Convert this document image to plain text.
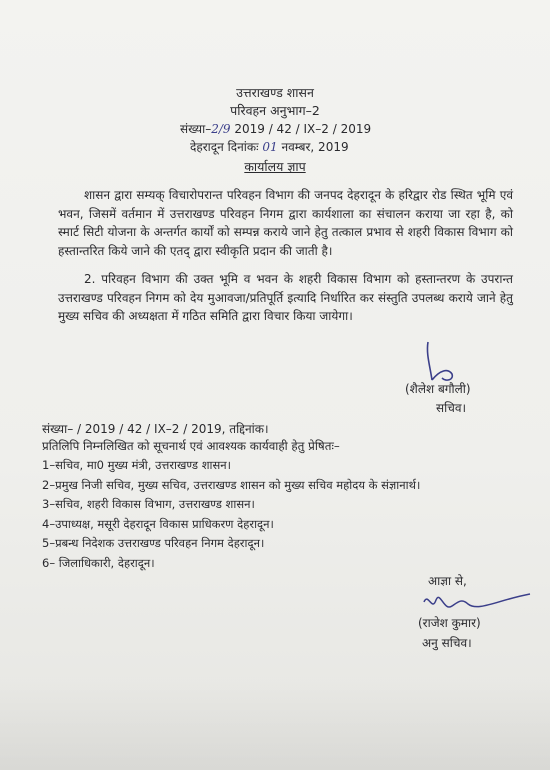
उत्तराखण्ड शासन
परिवहन अनुभाग–2
संख्या–2/9 2019 / 42 / IX–2 / 2019
देहरादून दिनांकः 01 नवम्बर, 2019
कार्यालय ज्ञाप

शासन द्वारा सम्यक् विचारोपरान्त परिवहन विभाग की जनपद देहरादून के हरिद्वार रोड स्थित भूमि एवं भवन, जिसमें वर्तमान में उत्तराखण्ड परिवहन निगम द्वारा कार्यशाला का संचालन कराया जा रहा है, को स्मार्ट सिटी योजना के अन्तर्गत कार्यों को सम्पन्न कराये जाने हेतु तत्काल प्रभाव से शहरी विकास विभाग को हस्तान्तरित किये जाने की एतद् द्वारा स्वीकृति प्रदान की जाती है।

2. परिवहन विभाग की उक्त भूमि व भवन के शहरी विकास विभाग को हस्तान्तरण के उपरान्त उत्तराखण्ड परिवहन निगम को देय मुआवजा/प्रतिपूर्ति इत्यादि निर्धारित कर संस्तुति उपलब्ध कराये जाने हेतु मुख्य सचिव की अध्यक्षता में गठित समिति द्वारा विचार किया जायेगा।

(शैलेश बगौली)
सचिव।
संख्या– / 2019 / 42 / IX–2 / 2019, तद्दिनांक।
प्रतिलिपि निम्नलिखित को सूचनार्थ एवं आवश्यक कार्यवाही हेतु प्रेषितः–
1–सचिव, मा0 मुख्य मंत्री, उत्तराखण्ड शासन।
2–प्रमुख निजी सचिव, मुख्य सचिव, उत्तराखण्ड शासन को मुख्य सचिव महोदय के संज्ञानार्थ।
3–सचिव, शहरी विकास विभाग, उत्तराखण्ड शासन।
4–उपाध्यक्ष, मसूरी देहरादून विकास प्राधिकरण देहरादून।
5–प्रबन्ध निदेशक उत्तराखण्ड परिवहन निगम देहरादून।
6– जिलाधिकारी, देहरादून।
आज्ञा से,
(राजेश कुमार)
अनु सचिव।
